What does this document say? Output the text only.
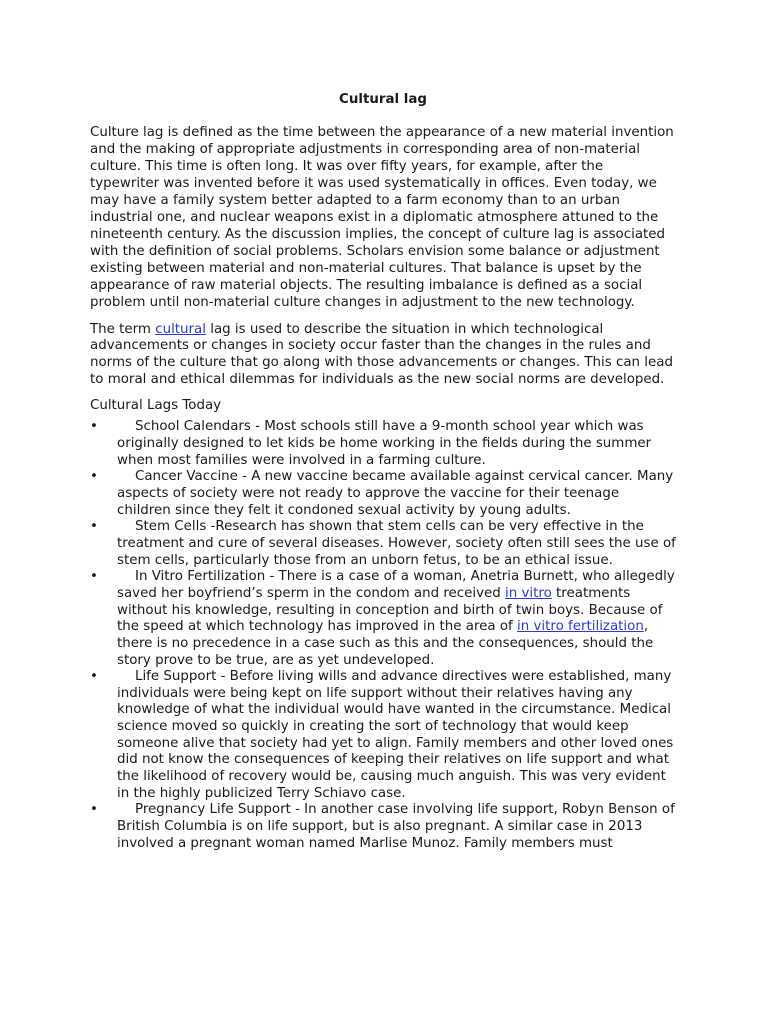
Cultural lag

Culture lag is defined as the time between the appearance of a new material invention and the making of appropriate adjustments in corresponding area of non-material culture. This time is often long. It was over fifty years, for example, after the typewriter was invented before it was used systematically in offices. Even today, we may have a family system better adapted to a farm economy than to an urban industrial one, and nuclear weapons exist in a diplomatic atmosphere attuned to the nineteenth century. As the discussion implies, the concept of culture lag is associated with the definition of social problems. Scholars envision some balance or adjustment existing between material and non-material cultures. That balance is upset by the appearance of raw material objects. The resulting imbalance is defined as a social problem until non-material culture changes in adjustment to the new technology.

The term cultural lag is used to describe the situation in which technological advancements or changes in society occur faster than the changes in the rules and norms of the culture that go along with those advancements or changes. This can lead to moral and ethical dilemmas for individuals as the new social norms are developed.

Cultural Lags Today
•	School Calendars - Most schools still have a 9-month school year which was originally designed to let kids be home working in the fields during the summer when most families were involved in a farming culture.
•	Cancer Vaccine - A new vaccine became available against cervical cancer. Many aspects of society were not ready to approve the vaccine for their teenage children since they felt it condoned sexual activity by young adults.
•	Stem Cells -Research has shown that stem cells can be very effective in the treatment and cure of several diseases. However, society often still sees the use of stem cells, particularly those from an unborn fetus, to be an ethical issue.
•	In Vitro Fertilization - There is a case of a woman, Anetria Burnett, who allegedly saved her boyfriend’s sperm in the condom and received in vitro treatments without his knowledge, resulting in conception and birth of twin boys. Because of the speed at which technology has improved in the area of in vitro fertilization, there is no precedence in a case such as this and the consequences, should the story prove to be true, are as yet undeveloped.
•	Life Support - Before living wills and advance directives were established, many individuals were being kept on life support without their relatives having any knowledge of what the individual would have wanted in the circumstance. Medical science moved so quickly in creating the sort of technology that would keep someone alive that society had yet to align. Family members and other loved ones did not know the consequences of keeping their relatives on life support and what the likelihood of recovery would be, causing much anguish. This was very evident in the highly publicized Terry Schiavo case.
•	Pregnancy Life Support - In another case involving life support, Robyn Benson of British Columbia is on life support, but is also pregnant. A similar case in 2013 involved a pregnant woman named Marlise Munoz. Family members must
